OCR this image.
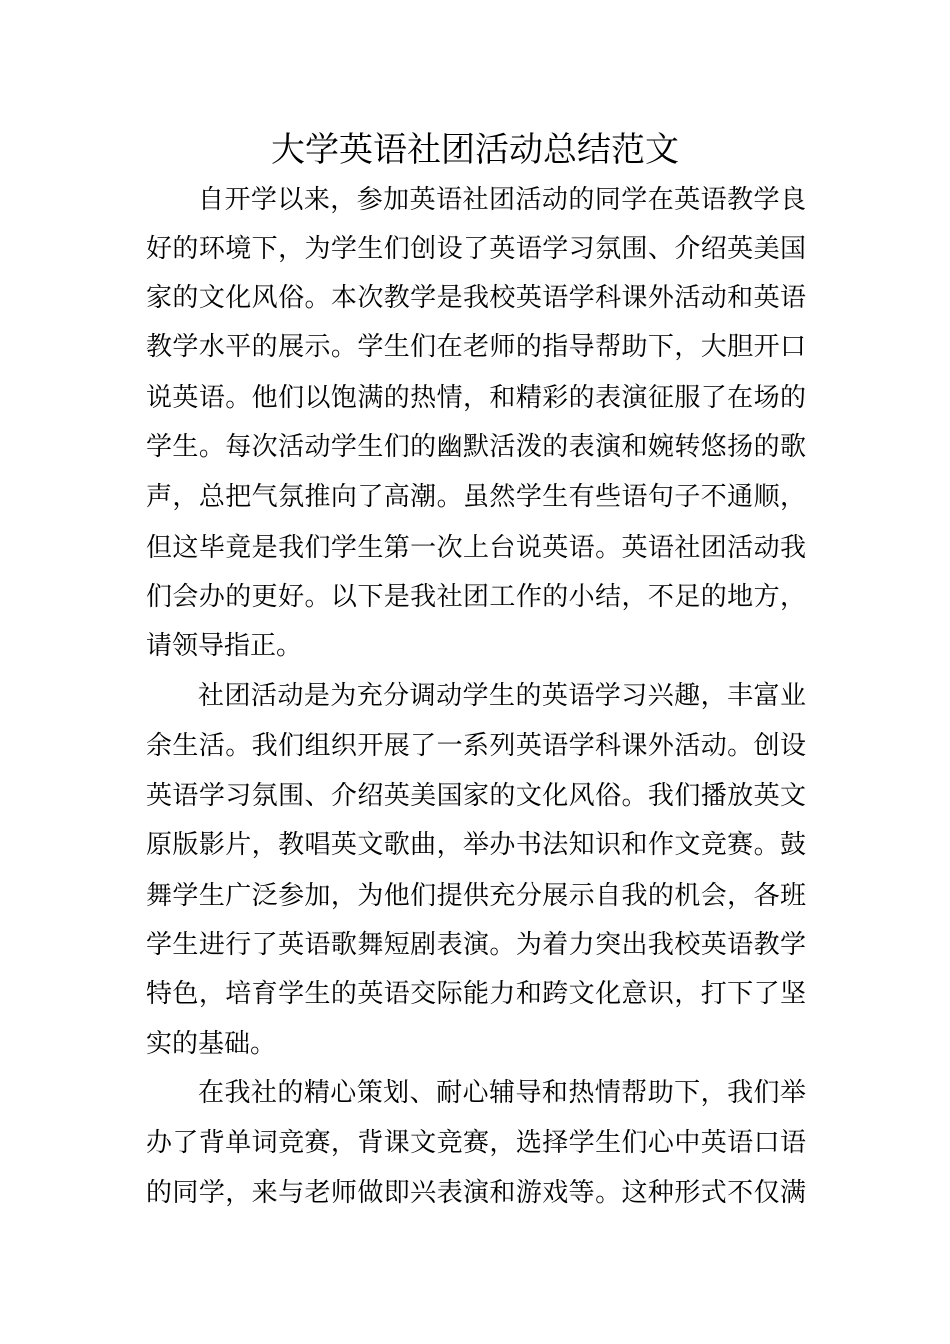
大学英语社团活动总结范文
自开学以来，参加英语社团活动的同学在英语教学良
好的环境下，为学生们创设了英语学习氛围、介绍英美国
家的文化风俗。本次教学是我校英语学科课外活动和英语
教学水平的展示。学生们在老师的指导帮助下，大胆开口
说英语。他们以饱满的热情，和精彩的表演征服了在场的
学生。每次活动学生们的幽默活泼的表演和婉转悠扬的歌
声，总把气氛推向了高潮。虽然学生有些语句子不通顺，
但这毕竟是我们学生第一次上台说英语。英语社团活动我
们会办的更好。以下是我社团工作的小结，不足的地方，
请领导指正。
社团活动是为充分调动学生的英语学习兴趣，丰富业
余生活。我们组织开展了一系列英语学科课外活动。创设
英语学习氛围、介绍英美国家的文化风俗。我们播放英文
原版影片，教唱英文歌曲，举办书法知识和作文竞赛。鼓
舞学生广泛参加，为他们提供充分展示自我的机会，各班
学生进行了英语歌舞短剧表演。为着力突出我校英语教学
特色，培育学生的英语交际能力和跨文化意识，打下了坚
实的基础。
在我社的精心策划、耐心辅导和热情帮助下，我们举
办了背单词竞赛，背课文竞赛，选择学生们心中英语口语
的同学，来与老师做即兴表演和游戏等。这种形式不仅满
